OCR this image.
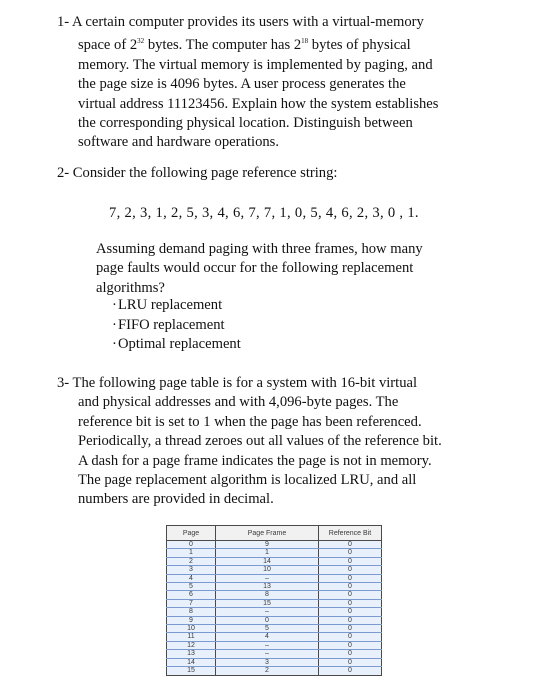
1- A certain computer provides its users with a virtual-memory
space of $2^{32}$ bytes. The computer has $2^{18}$ bytes of physical
memory. The virtual memory is implemented by paging, and
the page size is 4096 bytes. A user process generates the
virtual address 11123456. Explain how the system establishes
the corresponding physical location. Distinguish between
software and hardware operations.
2- Consider the following page reference string:
7, 2, 3, 1, 2, 5, 3, 4, 6, 7, 7, 1, 0, 5, 4, 6, 2, 3, 0 , 1.
Assuming demand paging with three frames, how many
page faults would occur for the following replacement
algorithms?
·LRU replacement
·FIFO replacement
·Optimal replacement
3- The following page table is for a system with 16-bit virtual
and physical addresses and with 4,096-byte pages. The
reference bit is set to 1 when the page has been referenced.
Periodically, a thread zeroes out all values of the reference bit.
A dash for a page frame indicates the page is not in memory.
The page replacement algorithm is localized LRU, and all
numbers are provided in decimal.
Page	Page Frame	Reference Bit
0	9	0
1	1	0
2	14	0
3	10	0
4	–	0
5	13	0
6	8	0
7	15	0
8	–	0
9	0	0
10	5	0
11	4	0
12	–	0
13	–	0
14	3	0
15	2	0
